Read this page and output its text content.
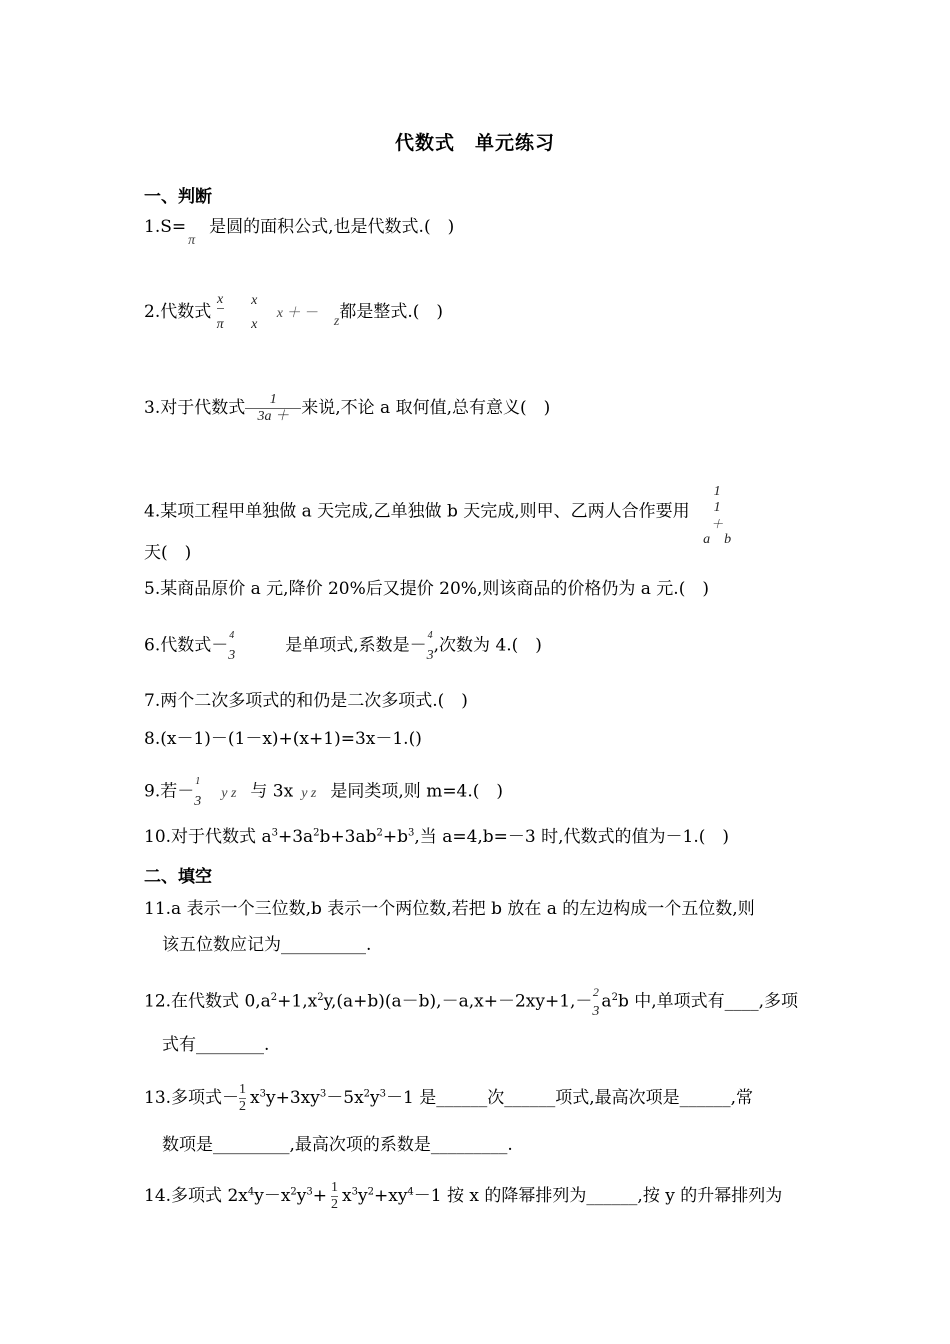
代数式　单元练习
一、判断
$1.S=_\pi$是圆的面积公式,也是代数式.(　)
2.代数式 $\frac{x}{\pi}$
x
x
$x + -_z$都是整式.(　)
3.对于代数式 $\frac{1}{3a +}$ 来说,不论 a 取何值,总有意义(　)
4.某项工程甲单独做 a 天完成,乙单独做 b 天完成,则甲、乙两人合作要用
1
1
＋
a b
天(　)
5.某商品原价 a 元,降价 20%后又提价 20%,则该商品的价格仍为 a 元.(　)
6.代数式－ 4
3	是单项式,系数是－ 4
3 ,次数为 4.(　)
7.两个二次多项式的和仍是二次多项式.(　)
8.(x－1)－(1－x)+(x+1)=3x－1.()
9.若－ 1
3
y z 与 3x y z 是同类项,则 m=4.(　)
10.对于代数式 $a^3+3a^2b+3ab^2+b^3$,当 a=4,b=－3 时,代数式的值为－1.(　)
二、填空
11.a 表示一个三位数,b 表示一个两位数,若把 b 放在 a 的左边构成一个五位数,则
该五位数应记为__________.
12.在代数式 $0,a^2+1,x^2y,(a+b)(a-b),-a,x+-2xy+1,- 2$
3 $a^2b$ 中,单项式有____,多项
式有________.
13.多项式－ $\frac{1}{2} x^3y+3xy^3-5x^2y^3-1$ 是______次______项式,最高次项是______,常
数项是_________,最高次项的系数是_________.
14.多项式 $2x^4y-x^2y^3+ \frac{1}{2} x^3y^2+xy^4-1$ 按 x 的降幂排列为______,按 y 的升幂排列为
